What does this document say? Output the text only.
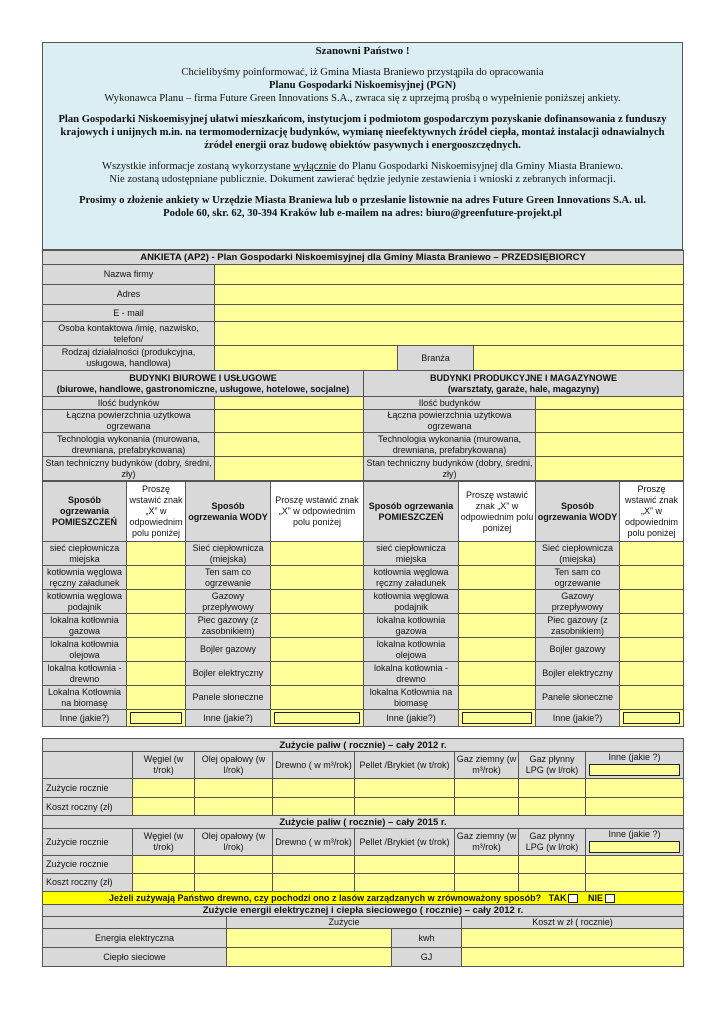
Szanowni Państwo !

Chcielibyśmy poinformować, iż Gmina Miasta Braniewo przystąpiła do opracowania

Planu Gospodarki Niskoemisyjnej (PGN)

Wykonawca Planu – firma Future Green Innovations S.A., zwraca się z uprzejmą prośbą o wypełnienie poniższej ankiety.

Plan Gospodarki Niskoemisyjnej ułatwi mieszkańcom, instytucjom i podmiotom gospodarczym pozyskanie dofinansowania z funduszy krajowych i unijnych m.in. na termomodernizację budynków, wymianę nieefektywnych źródeł ciepła, montaż instalacji odnawialnych źródeł energii oraz budowę obiektów pasywnych i energooszczędnych.

Wszystkie informacje zostaną wykorzystane wyłącznie do Planu Gospodarki Niskoemisyjnej dla Gminy Miasta Braniewo.

Nie zostaną udostępniane publicznie. Dokument zawierać będzie jedynie zestawienia i wnioski z zebranych informacji.

Prosimy o złożenie ankiety w Urzędzie Miasta Braniewa lub o przesłanie listownie na adres Future Green Innovations S.A. ul. Podole 60, skr. 62, 30-394 Kraków lub e-mailem na adres: biuro@greenfuture-projekt.pl

ANKIETA (AP2) - Plan Gospodarki Niskoemisyjnej dla Gminy Miasta Braniewo – PRZEDSIĘBIORCY			
Nazwa firmy			
Adres			
E - mail			
Osoba kontaktowa /imię, nazwisko, telefon/			
Rodzaj działalności (produkcyjna, usługowa, handlowa)		Branża	
BUDYNKI BIUROWE I USŁUGOWE
(biurowe, handlowe, gastronomiczne, usługowe, hotelowe, socjalne)		BUDYNKI PRODUKCYJNE I MAGAZYNOWE
(warsztaty, garaże, hale, magazyny)	
Ilość budynków		Ilość budynków	
Łączna powierzchnia użytkowa ogrzewana		Łączna powierzchnia użytkowa ogrzewana	
Technologia wykonania (murowana, drewniana, prefabrykowana)		Technologia wykonania (murowana, drewniana, prefabrykowana)	
Stan techniczny budynków (dobry, średni, zły)		Stan techniczny budynków (dobry, średni, zły)	
Sposób ogrzewania POMIESZCZEŃ	Proszę wstawić znak „X” w odpowiednim polu poniżej	Sposób ogrzewania WODY	Proszę wstawić znak „X” w odpowiednim polu poniżej	Sposób ogrzewania POMIESZCZEŃ	Proszę wstawić znak „X” w odpowiednim polu poniżej	Sposób ogrzewania WODY	Proszę wstawić znak „X” w odpowiednim polu poniżej
sieć ciepłownicza miejska		Sieć ciepłownicza (miejska)		sieć ciepłownicza miejska		Sieć ciepłownicza (miejska)	
kotłownia węglowa ręczny załadunek		Ten sam co ogrzewanie		kotłownia węglowa ręczny załadunek		Ten sam co ogrzewanie	
kotłownia węglowa podajnik		Gazowy przepływowy		kotłownia węglowa podajnik		Gazowy przepływowy	
lokalna kotłownia gazowa		Piec gazowy (z zasobnikiem)		lokalna kotłownia gazowa		Piec gazowy (z zasobnikiem)	
lokalna kotłownia olejowa		Bojler gazowy		lokalna kotłownia olejowa		Bojler gazowy	
lokalna kotłownia -drewno		Bojler elektryczny		lokalna kotłownia -drewno		Bojler elektryczny	
Lokalna Kotłownia na biomasę		Panele słoneczne		lokalna Kotłownia na biomasę		Panele słoneczne	
Inne (jakie?)		Inne (jakie?)		Inne (jakie?)		Inne (jakie?)	
Zużycie paliw ( rocznie) – cały 2012 r.							
	Węgiel (w t/rok)	Olej opałowy (w l/rok)	Drewno ( w m³/rok)	Pellet /Brykiet (w t/rok)	Gaz ziemny (w m³/rok)	Gaz płynny LPG (w l/rok)	Inne (jakie ?)

Zużycie rocznie							
Koszt roczny (zł)							
Zużycie paliw ( rocznie) – cały 2015 r.							
Zużycie rocznie	Węgiel (w t/rok)	Olej opałowy (w l/rok)	Drewno ( w m³/rok)	Pellet /Brykiet (w t/rok)	Gaz ziemny (w m³/rok)	Gaz płynny LPG (w l/rok)	Inne (jakie ?)

Zużycie rocznie							
Koszt roczny (zł)							
Jeżeli zużywają Państwo drewno, czy pochodzi ono z lasów zarządzanych w zrównoważony sposób? TAK NIE							
Zużycie energii elektrycznej i ciepła sieciowego ( rocznie) – cały 2012 r.			
	Zużycie		Koszt w zł ( rocznie)
Energia elektryczna		kwh	
Ciepło sieciowe		GJ	
